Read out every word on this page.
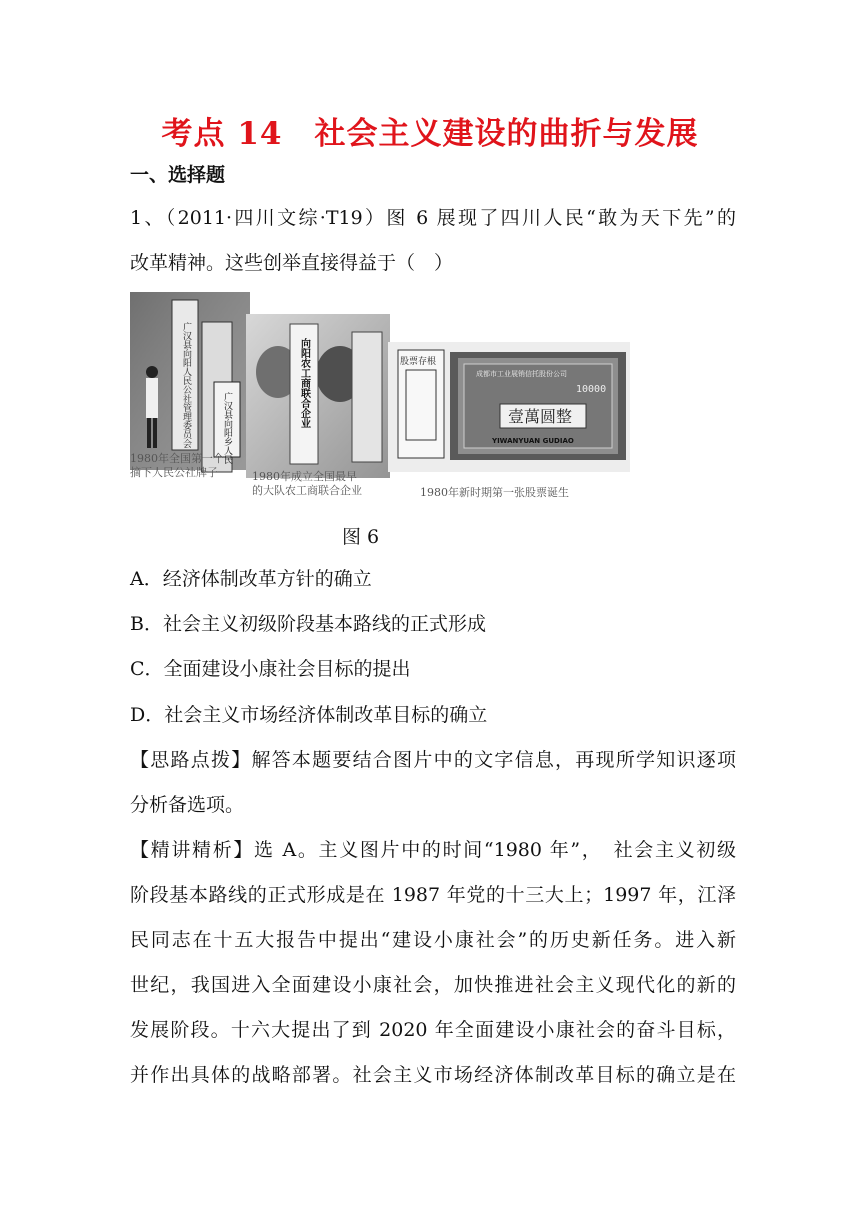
考点 14　社会主义建设的曲折与发展
一、选择题
1、（2011·四川文综·T19）图 6 展现了四川人民“敢为天下先”的
改革精神。这些创举直接得益于（　）
广汉县向阳人民公社管理委员会	广汉县向阳乡人民	向阳农工商联合企业	股票存根
成都市工业展销信托股份公司
10000
壹萬圆整
YIWANYUAN GUDIAO
1980年全国第一个
摘下人民公社牌子	1980年成立全国最早
的大队农工商联合企业	1980年新时期第一张股票诞生
图 6
A．经济体制改革方针的确立
B．社会主义初级阶段基本路线的正式形成
C．全面建设小康社会目标的提出
D．社会主义市场经济体制改革目标的确立
【思路点拨】解答本题要结合图片中的文字信息，再现所学知识逐项
分析备选项。
【精讲精析】选 A。主义图片中的时间“1980 年”，　社会主义初级
阶段基本路线的正式形成是在 1987 年党的十三大上；1997 年，江泽
民同志在十五大报告中提出“建设小康社会”的历史新任务。进入新
世纪，我国进入全面建设小康社会，加快推进社会主义现代化的新的
发展阶段。十六大提出了到 2020 年全面建设小康社会的奋斗目标，
并作出具体的战略部署。社会主义市场经济体制改革目标的确立是在
